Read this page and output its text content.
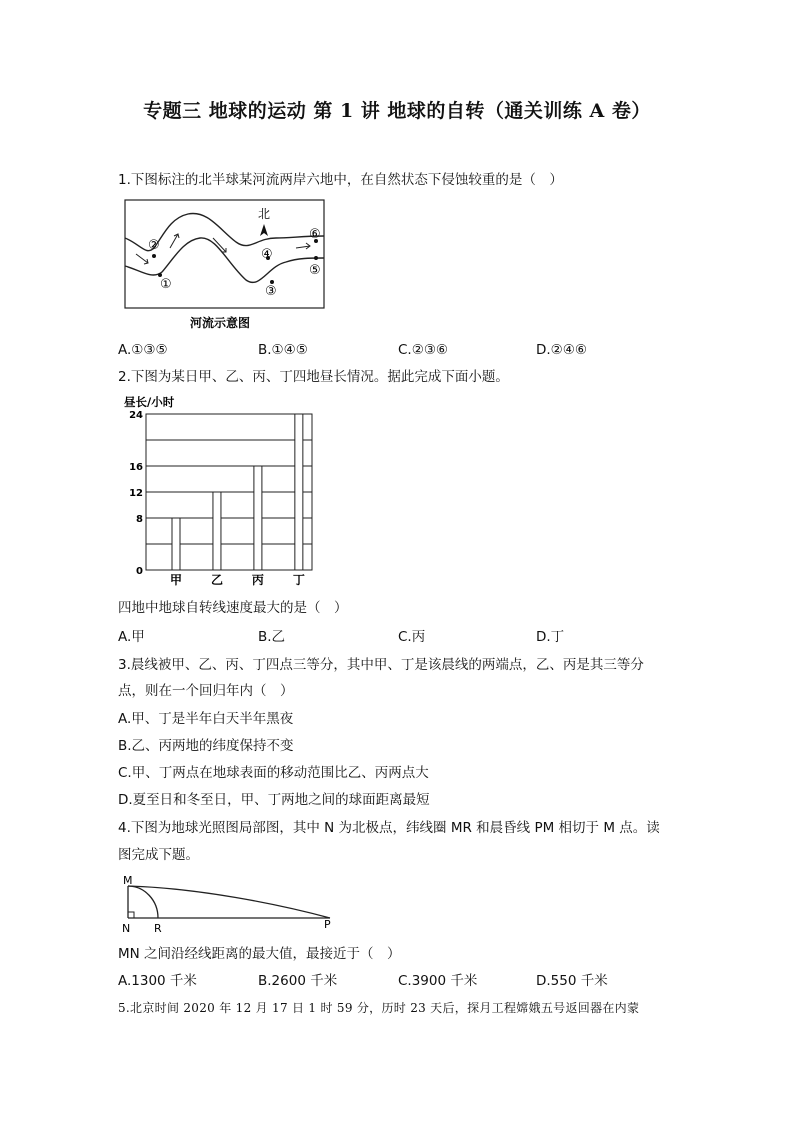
专题三 地球的运动 第 1 讲 地球的自转（通关训练 A 卷）
1.下图标注的北半球某河流两岸六地中，在自然状态下侵蚀较重的是（　）
①
②
③
④
⑤
⑥
北
河流示意图
A.①③⑤	B.①④⑤	C.②③⑥	D.②④⑥
2.下图为某日甲、乙、丙、丁四地昼长情况。据此完成下面小题。
昼长/小时
24
16
12
8
0
甲 乙 丙 丁
四地中地球自转线速度最大的是（　）
A.甲	B.乙	C.丙	D.丁
3.晨线被甲、乙、丙、丁四点三等分，其中甲、丁是该晨线的两端点，乙、丙是其三等分
点，则在一个回归年内（　）
A.甲、丁是半年白天半年黑夜
B.乙、丙两地的纬度保持不变
C.甲、丁两点在地球表面的移动范围比乙、丙两点大
D.夏至日和冬至日，甲、丁两地之间的球面距离最短
4.下图为地球光照图局部图，其中 N 为北极点，纬线圈 MR 和晨昏线 PM 相切于 M 点。读
图完成下题。
M
N R	P
MN 之间沿经线距离的最大值，最接近于（　）
A.1300 千米	B.2600 千米	C.3900 千米	D.550 千米
5.北京时间 2020 年 12 月 17 日 1 时 59 分，历时 23 天后，探月工程嫦娥五号返回器在内蒙
